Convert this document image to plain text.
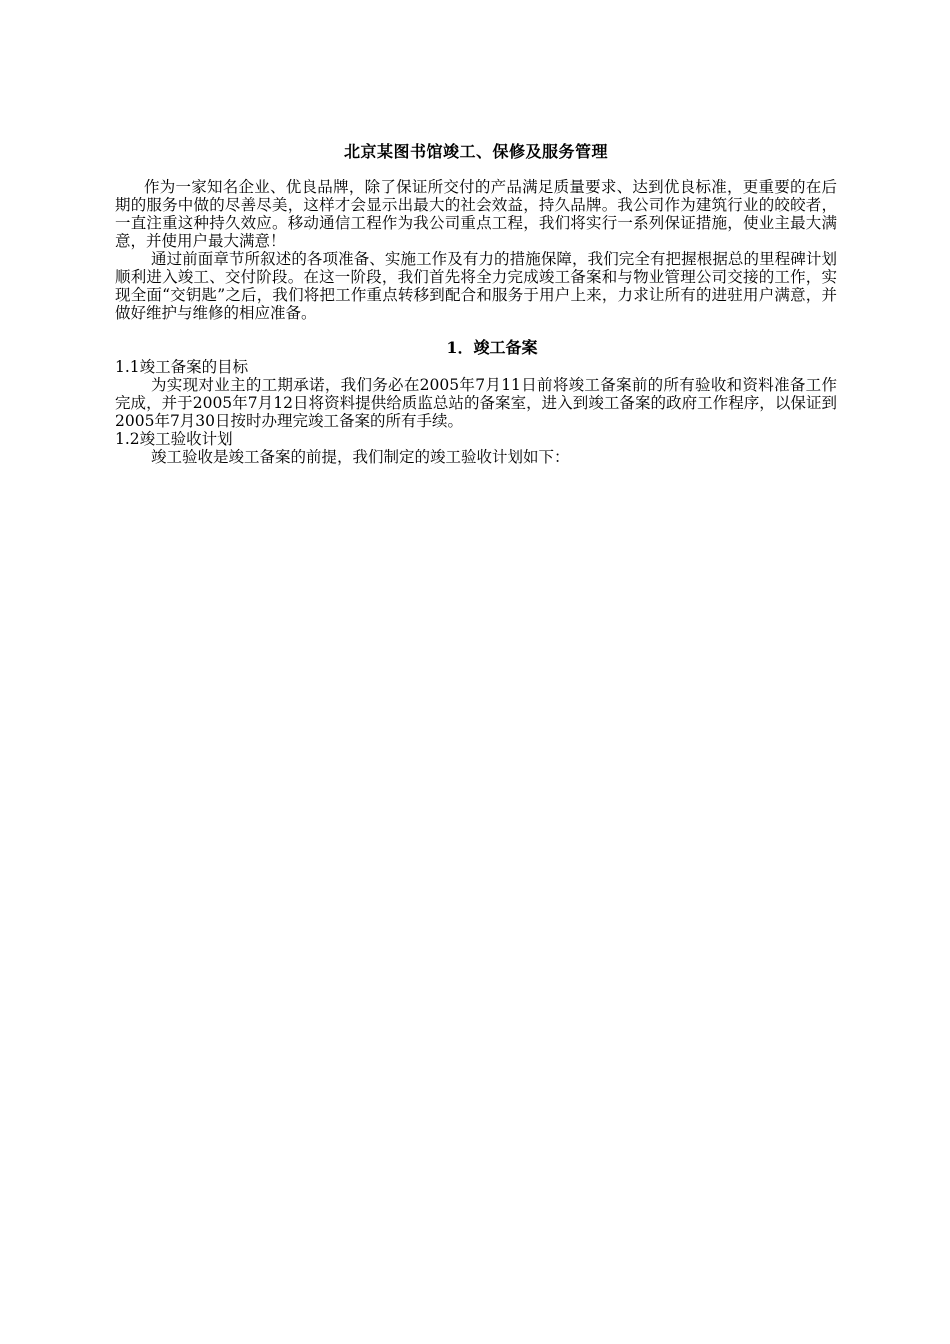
北京某图书馆竣工、保修及服务管理

作为一家知名企业、优良品牌，除了保证所交付的产品满足质量要求、达到优良标准，更重要的在后期的服务中做的尽善尽美，这样才会显示出最大的社会效益，持久品牌。我公司作为建筑行业的皎皎者，一直注重这种持久效应。移动通信工程作为我公司重点工程，我们将实行一系列保证措施，使业主最大满意，并使用户最大满意！

通过前面章节所叙述的各项准备、实施工作及有力的措施保障，我们完全有把握根据总的里程碑计划顺利进入竣工、交付阶段。在这一阶段，我们首先将全力完成竣工备案和与物业管理公司交接的工作，实现全面“交钥匙”之后，我们将把工作重点转移到配合和服务于用户上来，力求让所有的进驻用户满意，并做好维护与维修的相应准备。

1．竣工备案
1.1竣工备案的目标

为实现对业主的工期承诺，我们务必在2005年7月11日前将竣工备案前的所有验收和资料准备工作完成，并于2005年7月12日将资料提供给质监总站的备案室，进入到竣工备案的政府工作程序，以保证到2005年7月30日按时办理完竣工备案的所有手续。

1.2竣工验收计划

竣工验收是竣工备案的前提，我们制定的竣工验收计划如下：
